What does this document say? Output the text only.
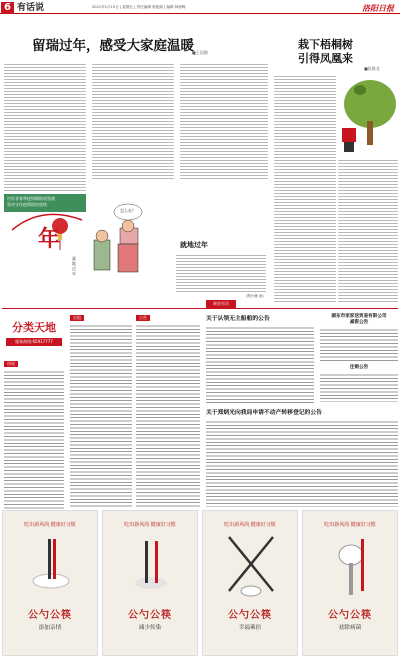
6 有话说	2021年1月15日 | 星期五 | 责任编辑 第旭娟 | 编辑 林杨梅	洛阳日报
留瑞过年，感受大家庭温暖
■王国健
打好非春季疫情期防攻坚战
坚决守住疫情防控底线
年
就地过年
怎么办？
就地过年
（陶小鹿 画）
画里有话
栽下梧桐树
引得凤凰来
■段敬龙
分类天地
服务热线:65917777
房屋
出租	公告	关于认领无主船舶的公告
关于郑炳光向我局申请不动产转移登记的公告
湖东市家家送贸易有限公司
减资公告
注销公告
吃出新风尚 健康好习惯
公勺公筷
添加亲情
吃出新风尚 健康好习惯
公勺公筷
减少传染
吃出新风尚 健康好习惯
公勺公筷
幸福乘倍
吃出新风尚 健康好习惯
公勺公筷
祛除病菌
